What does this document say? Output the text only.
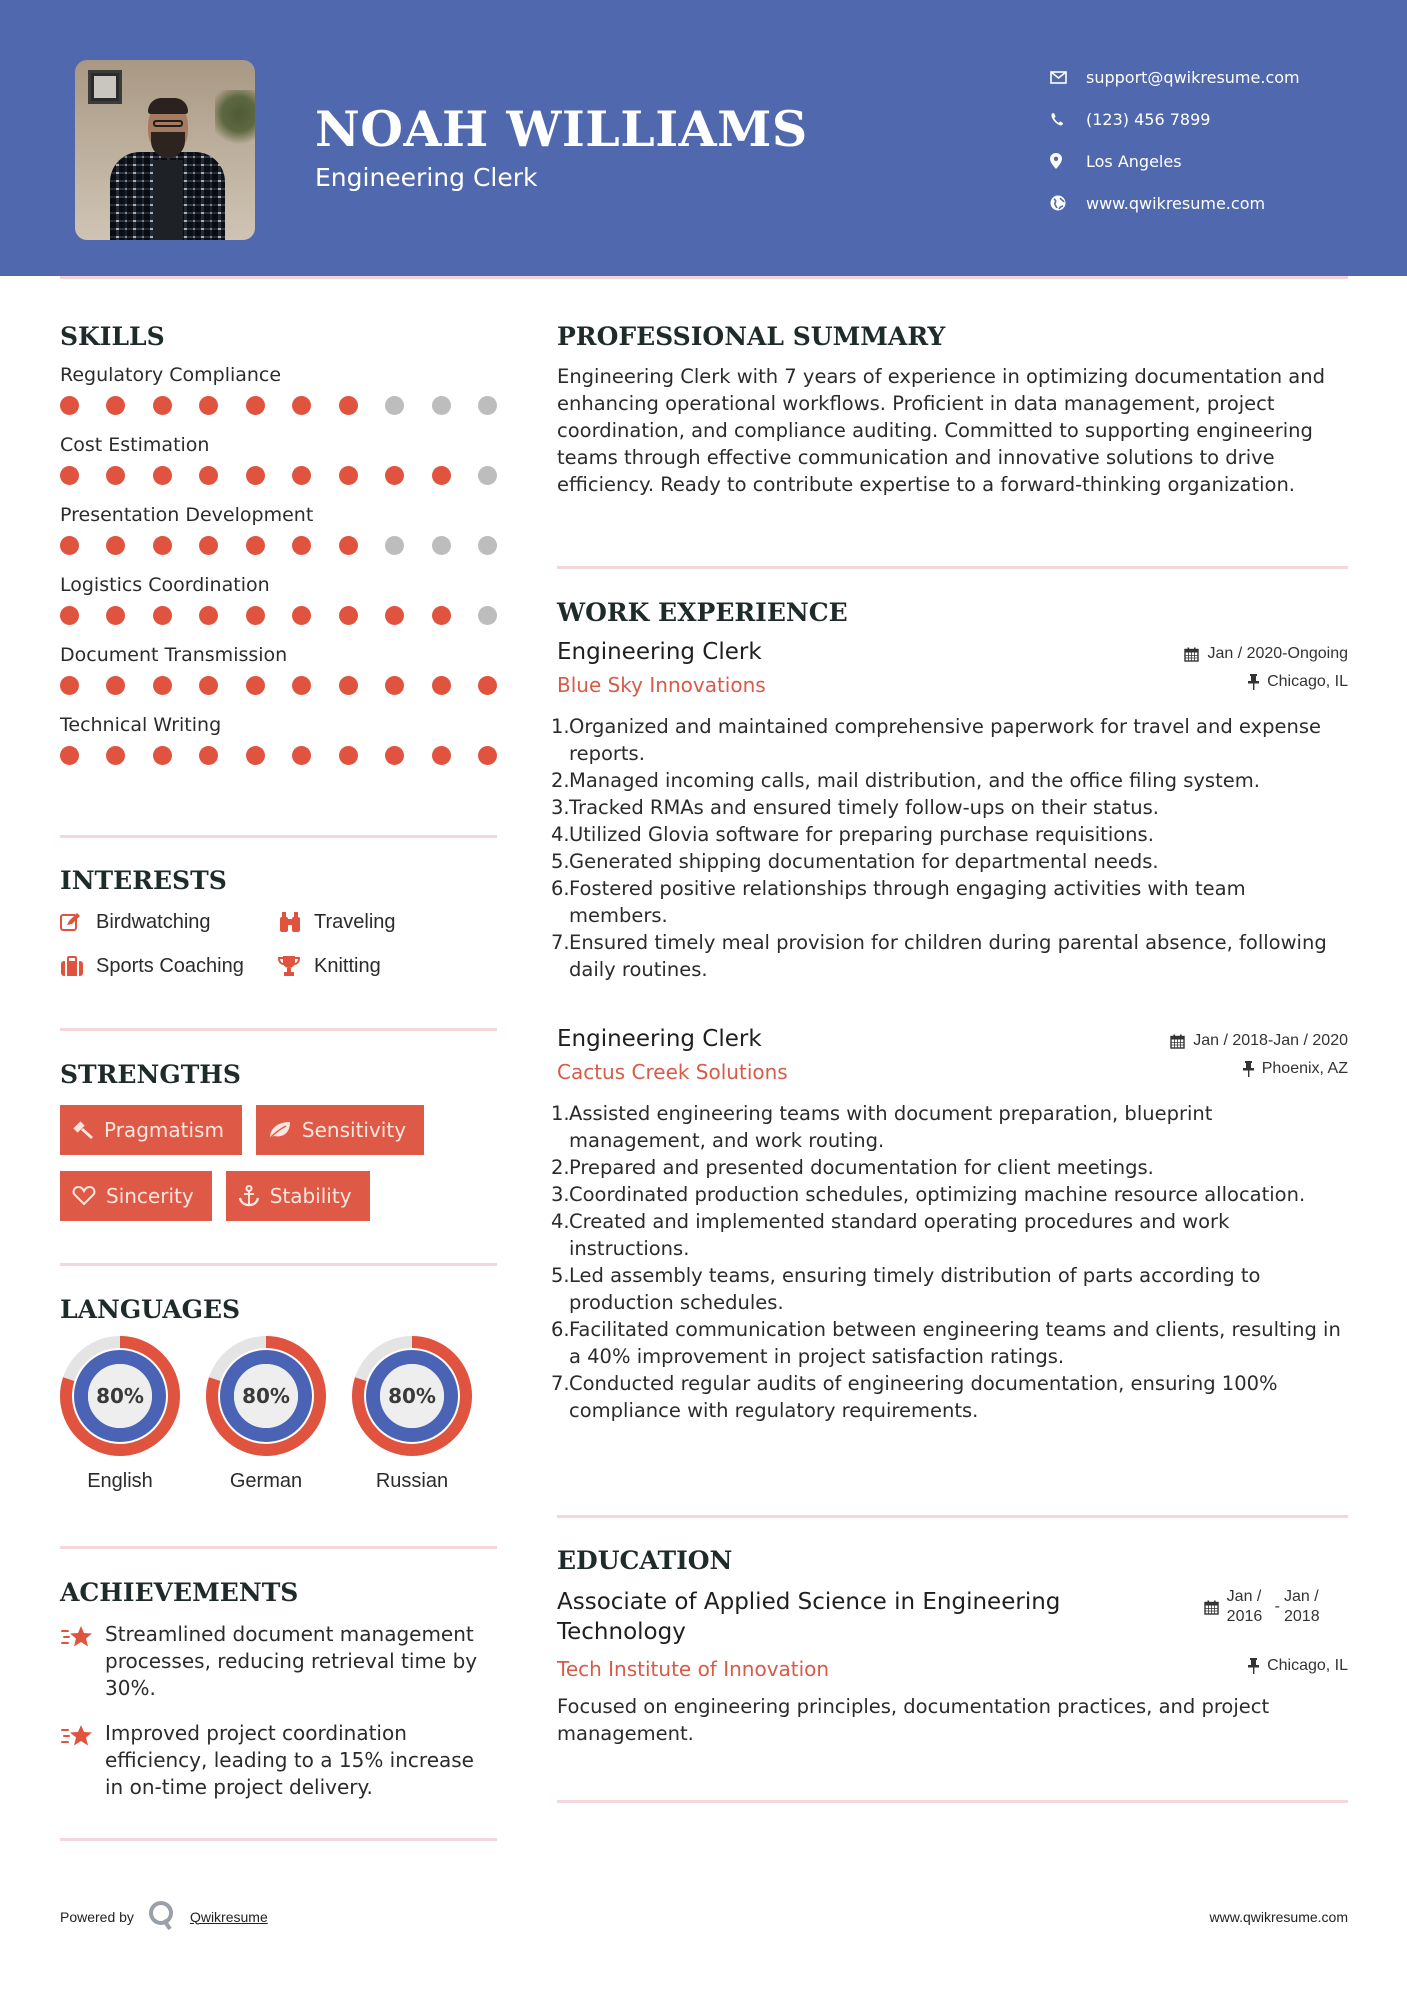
NOAH WILLIAMS
Engineering Clerk
support@qwikresume.com
(123) 456 7899
Los Angeles
www.qwikresume.com
SKILLS
Regulatory Compliance
Cost Estimation
Presentation Development
Logistics Coordination
Document Transmission
Technical Writing
INTERESTS
Birdwatching	Traveling
Sports Coaching	Knitting
STRENGTHS
Pragmatism	Sensitivity
Sincerity	Stability
LANGUAGES
80%
English
80%
German
80%
Russian
ACHIEVEMENTS
Streamlined document management processes, reducing retrieval time by 30%.
Improved project coordination efficiency, leading to a 15% increase in on-time project delivery.
PROFESSIONAL SUMMARY

Engineering Clerk with 7 years of experience in optimizing documentation and enhancing operational workflows. Proficient in data management, project coordination, and compliance auditing. Committed to supporting engineering teams through effective communication and innovative solutions to drive efficiency. Ready to contribute expertise to a forward-thinking organization.

WORK EXPERIENCE
Engineering Clerk	Jan / 2020-Ongoing
Blue Sky Innovations	Chicago, IL
1. Organized and maintained comprehensive paperwork for travel and expense reports.
2. Managed incoming calls, mail distribution, and the office filing system.
3. Tracked RMAs and ensured timely follow-ups on their status.
4. Utilized Glovia software for preparing purchase requisitions.
5. Generated shipping documentation for departmental needs.
6. Fostered positive relationships through engaging activities with team members.
7. Ensured timely meal provision for children during parental absence, following daily routines.
Engineering Clerk	Jan / 2018-Jan / 2020
Cactus Creek Solutions	Phoenix, AZ
1. Assisted engineering teams with document preparation, blueprint management, and work routing.
2. Prepared and presented documentation for client meetings.
3. Coordinated production schedules, optimizing machine resource allocation.
4. Created and implemented standard operating procedures and work instructions.
5. Led assembly teams, ensuring timely distribution of parts according to production schedules.
6. Facilitated communication between engineering teams and clients, resulting in a 40% improvement in project satisfaction ratings.
7. Conducted regular audits of engineering documentation, ensuring 100% compliance with regulatory requirements.
EDUCATION
Associate of Applied Science in Engineering Technology
Jan / 2016
-
Jan / 2018
Tech Institute of Innovation	Chicago, IL

Focused on engineering principles, documentation practices, and project management.

Powered by	Qwikresume	www.qwikresume.com
